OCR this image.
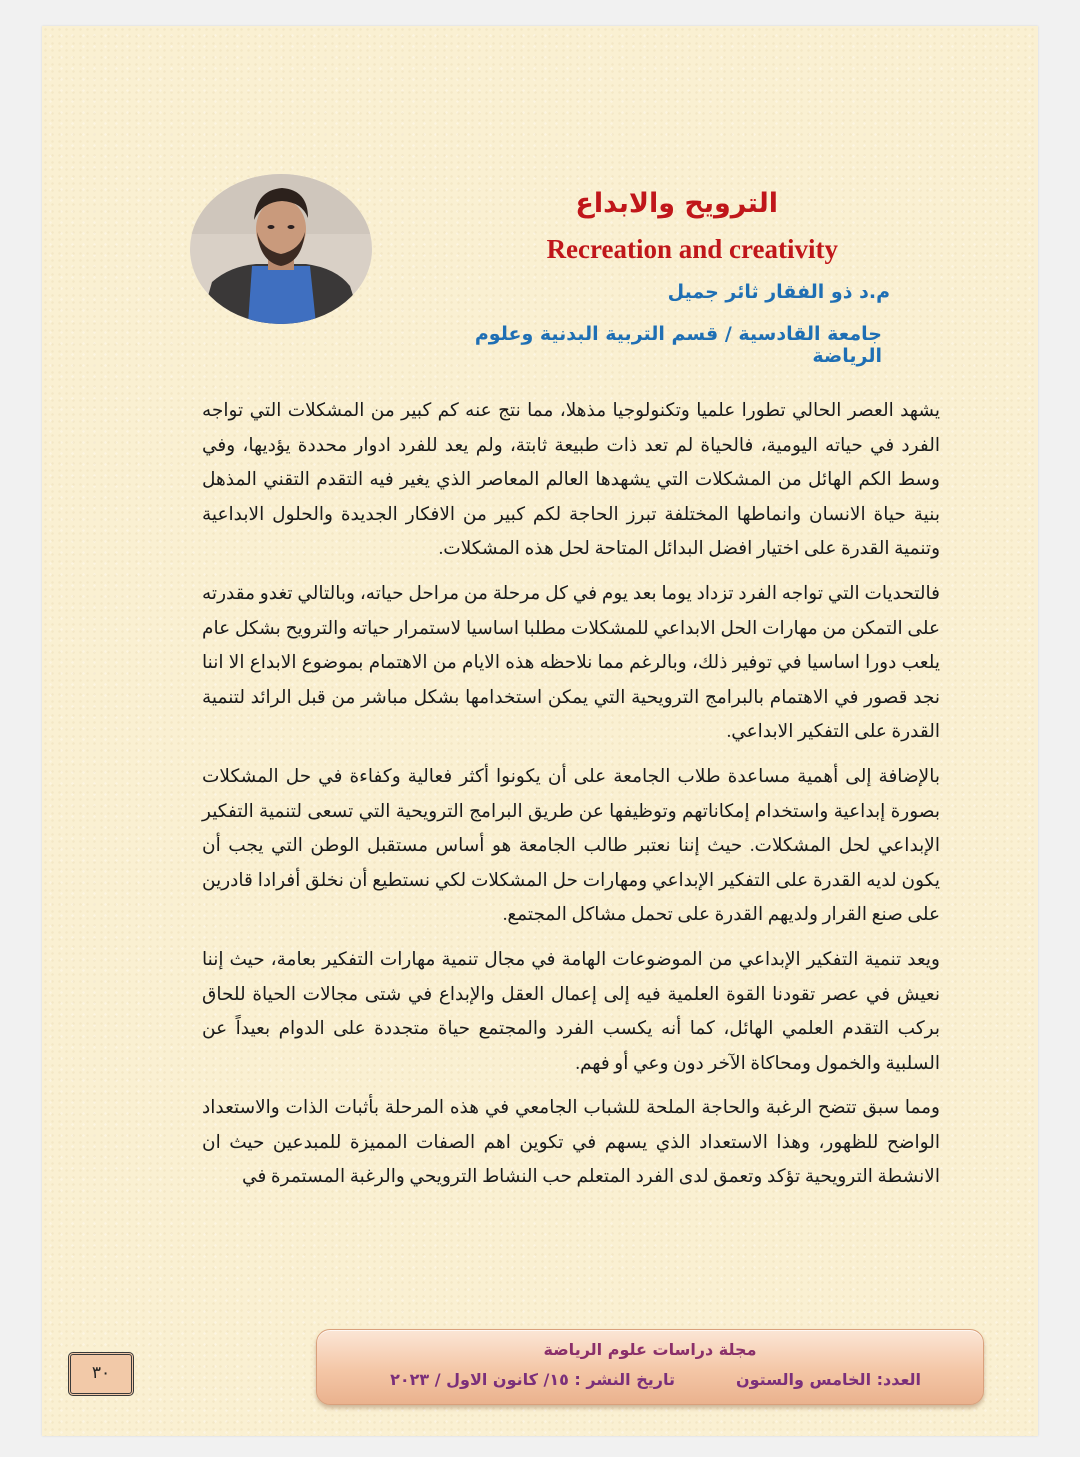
الترويح والابداع
Recreation and creativity
م.د ذو الفقار ثائر جميل
جامعة القادسية / قسم التربية البدنية وعلوم الرياضة

يشهد العصر الحالي تطورا علميا وتكنولوجيا مذهلا، مما نتج عنه كم كبير من المشكلات التي تواجه الفرد في حياته اليومية، فالحياة لم تعد ذات طبيعة ثابتة، ولم يعد للفرد ادوار محددة يؤديها، وفي وسط الكم الهائل من المشكلات التي يشهدها العالم المعاصر الذي يغير فيه التقدم التقني المذهل بنية حياة الانسان وانماطها المختلفة تبرز الحاجة لكم كبير من الافكار الجديدة والحلول الابداعية وتنمية القدرة على اختيار افضل البدائل المتاحة لحل هذه المشكلات.

فالتحديات التي تواجه الفرد تزداد يوما بعد يوم في كل مرحلة من مراحل حياته، وبالتالي تغدو مقدرته على التمكن من مهارات الحل الابداعي للمشكلات مطلبا اساسيا لاستمرار حياته والترويح بشكل عام يلعب دورا اساسيا في توفير ذلك، وبالرغم مما نلاحظه هذه الايام من الاهتمام بموضوع الابداع الا اننا نجد قصور في الاهتمام بالبرامج الترويحية التي يمكن استخدامها بشكل مباشر من قبل الرائد لتنمية القدرة على التفكير الابداعي.

بالإضافة إلى أهمية مساعدة طلاب الجامعة على أن يكونوا أكثر فعالية وكفاءة في حل المشكلات بصورة إبداعية واستخدام إمكاناتهم وتوظيفها عن طريق البرامج الترويحية التي تسعى لتنمية التفكير الإبداعي لحل المشكلات. حيث إننا نعتبر طالب الجامعة هو أساس مستقبل الوطن التي يجب أن يكون لديه القدرة على التفكير الإبداعي ومهارات حل المشكلات لكي نستطيع أن نخلق أفرادا قادرين على صنع القرار ولديهم القدرة على تحمل مشاكل المجتمع.

ويعد تنمية التفكير الإبداعي من الموضوعات الهامة في مجال تنمية مهارات التفكير بعامة، حيث إننا نعيش في عصر تقودنا القوة العلمية فيه إلى إعمال العقل والإبداع في شتى مجالات الحياة للحاق بركب التقدم العلمي الهائل، كما أنه يكسب الفرد والمجتمع حياة متجددة على الدوام بعيداً عن السلبية والخمول ومحاكاة الآخر دون وعي أو فهم.

ومما سبق تتضح الرغبة والحاجة الملحة للشباب الجامعي في هذه المرحلة بأثبات الذات والاستعداد الواضح للظهور، وهذا الاستعداد الذي يسهم في تكوين اهم الصفات المميزة للمبدعين حيث ان الانشطة الترويحية تؤكد وتعمق لدى الفرد المتعلم حب النشاط الترويحي والرغبة المستمرة في

٣٠
مجلة دراسات علوم الرياضة
العدد: الخامس والستون
تاريخ النشر : ١٥/ كانون الاول / ٢٠٢٣
